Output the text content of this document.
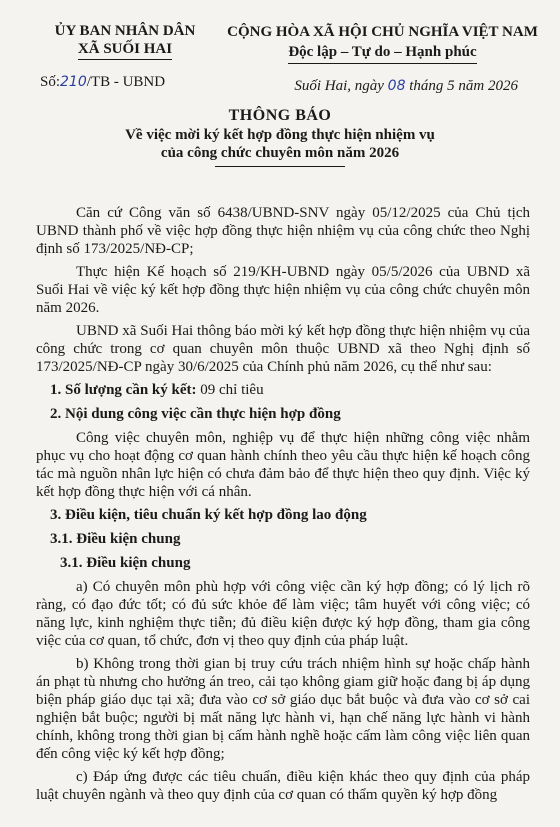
ỦY BAN NHÂN DÂN
XÃ SUỐI HAI
CỘNG HÒA XÃ HỘI CHỦ NGHĨA VIỆT NAM
Độc lập – Tự do – Hạnh phúc
Số:210/TB - UBND	Suối Hai, ngày 08 tháng 5 năm 2026
THÔNG BÁO
Về việc mời ký kết hợp đồng thực hiện nhiệm vụ
của công chức chuyên môn năm 2026

Căn cứ Công văn số 6438/UBND-SNV ngày 05/12/2025 của Chủ tịch UBND thành phố về việc hợp đồng thực hiện nhiệm vụ của công chức theo Nghị định số 173/2025/NĐ-CP;

Thực hiện Kế hoạch số 219/KH-UBND ngày 05/5/2026 của UBND xã Suối Hai về việc ký kết hợp đồng thực hiện nhiệm vụ của công chức chuyên môn năm 2026.

UBND xã Suối Hai thông báo mời ký kết hợp đồng thực hiện nhiệm vụ của công chức trong cơ quan chuyên môn thuộc UBND xã theo Nghị định số 173/2025/NĐ-CP ngày 30/6/2025 của Chính phủ năm 2026, cụ thể như sau:

1. Số lượng cần ký kết: 09 chỉ tiêu

2. Nội dung công việc cần thực hiện hợp đồng

Công việc chuyên môn, nghiệp vụ để thực hiện những công việc nhằm phục vụ cho hoạt động cơ quan hành chính theo yêu cầu thực hiện kế hoạch công tác mà nguồn nhân lực hiện có chưa đảm bảo để thực hiện theo quy định. Việc ký kết hợp đồng thực hiện với cá nhân.

3. Điều kiện, tiêu chuẩn ký kết hợp đồng lao động

3.1. Điều kiện chung

3.1. Điều kiện chung

a) Có chuyên môn phù hợp với công việc cần ký hợp đồng; có lý lịch rõ ràng, có đạo đức tốt; có đủ sức khỏe để làm việc; tâm huyết với công việc; có năng lực, kinh nghiệm thực tiễn; đủ điều kiện được ký hợp đồng, tham gia công việc của cơ quan, tổ chức, đơn vị theo quy định của pháp luật.

b) Không trong thời gian bị truy cứu trách nhiệm hình sự hoặc chấp hành án phạt tù nhưng cho hưởng án treo, cải tạo không giam giữ hoặc đang bị áp dụng biện pháp giáo dục tại xã; đưa vào cơ sở giáo dục bắt buộc và đưa vào cơ sở cai nghiện bắt buộc; người bị mất năng lực hành vi, hạn chế năng lực hành vi hành chính, không trong thời gian bị cấm hành nghề hoặc cấm làm công việc liên quan đến công việc ký kết hợp đồng;

c) Đáp ứng được các tiêu chuẩn, điều kiện khác theo quy định của pháp luật chuyên ngành và theo quy định của cơ quan có thẩm quyền ký hợp đồng
